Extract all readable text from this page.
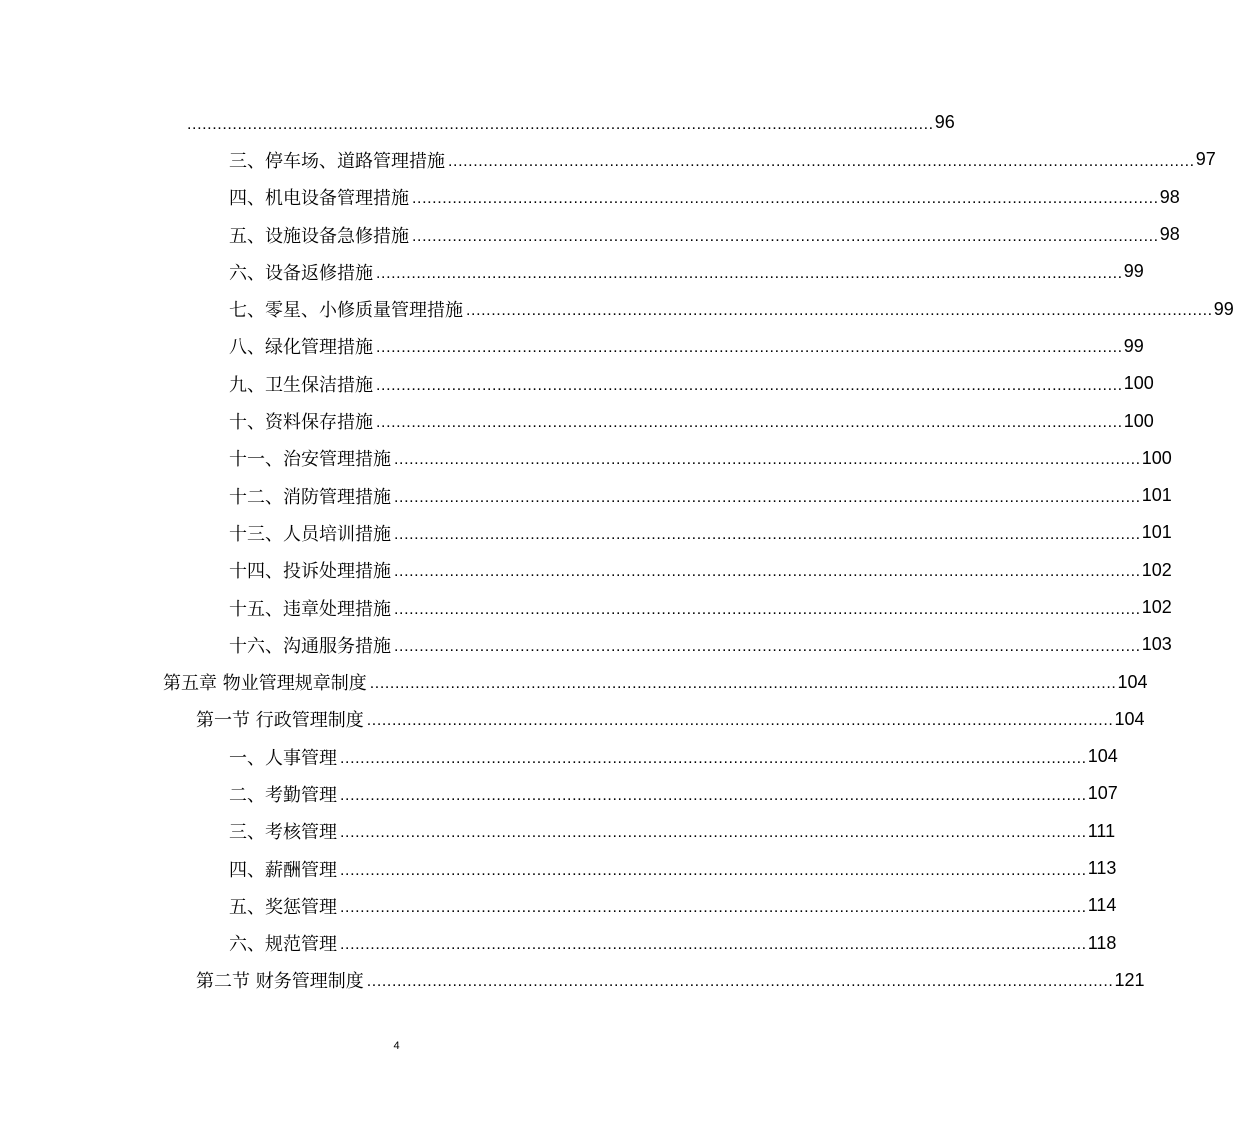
.................................................................................................................................................... 96
三、停车场、道路管理措施 .................................................................................................................................................... 97
四、机电设备管理措施 .................................................................................................................................................... 98
五、设施设备急修措施 .................................................................................................................................................... 98
六、设备返修措施 .................................................................................................................................................... 99
七、零星、小修质量管理措施 .................................................................................................................................................... 99
八、绿化管理措施 .................................................................................................................................................... 99
九、卫生保洁措施 .................................................................................................................................................... 100
十、资料保存措施 .................................................................................................................................................... 100
十一、治安管理措施 .................................................................................................................................................... 100
十二、消防管理措施 .................................................................................................................................................... 101
十三、人员培训措施 .................................................................................................................................................... 101
十四、投诉处理措施 .................................................................................................................................................... 102
十五、违章处理措施 .................................................................................................................................................... 102
十六、沟通服务措施 .................................................................................................................................................... 103
第五章 物业管理规章制度 .................................................................................................................................................... 104
第一节 行政管理制度 .................................................................................................................................................... 104
一、人事管理 .................................................................................................................................................... 104
二、考勤管理 .................................................................................................................................................... 107
三、考核管理 .................................................................................................................................................... 111
四、薪酬管理 .................................................................................................................................................... 113
五、奖惩管理 .................................................................................................................................................... 114
六、规范管理 .................................................................................................................................................... 118
第二节 财务管理制度 .................................................................................................................................................... 121
4
